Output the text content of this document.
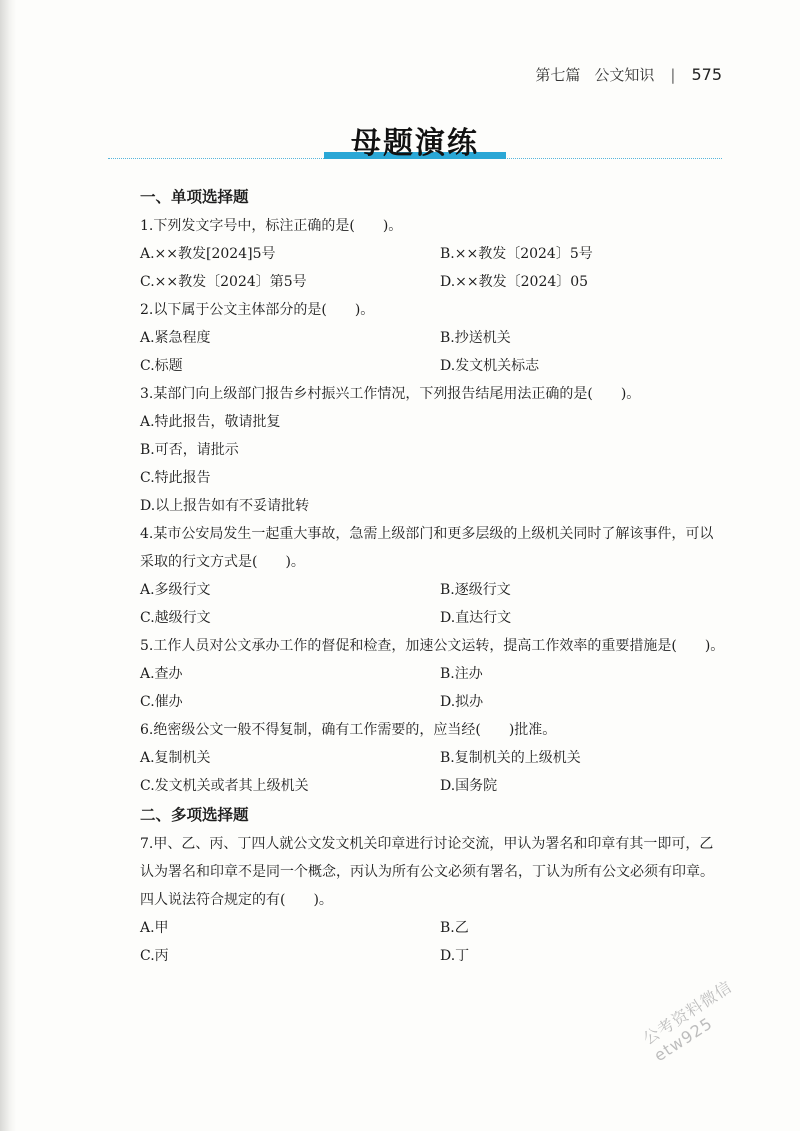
第七篇 公文知识 | 575
母题演练
一、单项选择题
1.下列发文字号中，标注正确的是(　　)。
A.××教发[2024]5号	B.××教发〔2024〕5号
C.××教发〔2024〕第5号	D.××教发〔2024〕05
2.以下属于公文主体部分的是(　　)。
A.紧急程度	B.抄送机关
C.标题	D.发文机关标志
3.某部门向上级部门报告乡村振兴工作情况，下列报告结尾用法正确的是(　　)。
A.特此报告，敬请批复
B.可否，请批示
C.特此报告
D.以上报告如有不妥请批转
4.某市公安局发生一起重大事故，急需上级部门和更多层级的上级机关同时了解该事件，可以采取的行文方式是(　　)。
A.多级行文	B.逐级行文
C.越级行文	D.直达行文
5.工作人员对公文承办工作的督促和检查，加速公文运转，提高工作效率的重要措施是(　　)。
A.查办	B.注办
C.催办	D.拟办
6.绝密级公文一般不得复制，确有工作需要的，应当经(　　)批准。
A.复制机关	B.复制机关的上级机关
C.发文机关或者其上级机关	D.国务院
二、多项选择题
7.甲、乙、丙、丁四人就公文发文机关印章进行讨论交流，甲认为署名和印章有其一即可，乙认为署名和印章不是同一个概念，丙认为所有公文必须有署名，丁认为所有公文必须有印章。四人说法符合规定的有(　　)。
A.甲	B.乙
C.丙	D.丁
公考资料微信etw925
